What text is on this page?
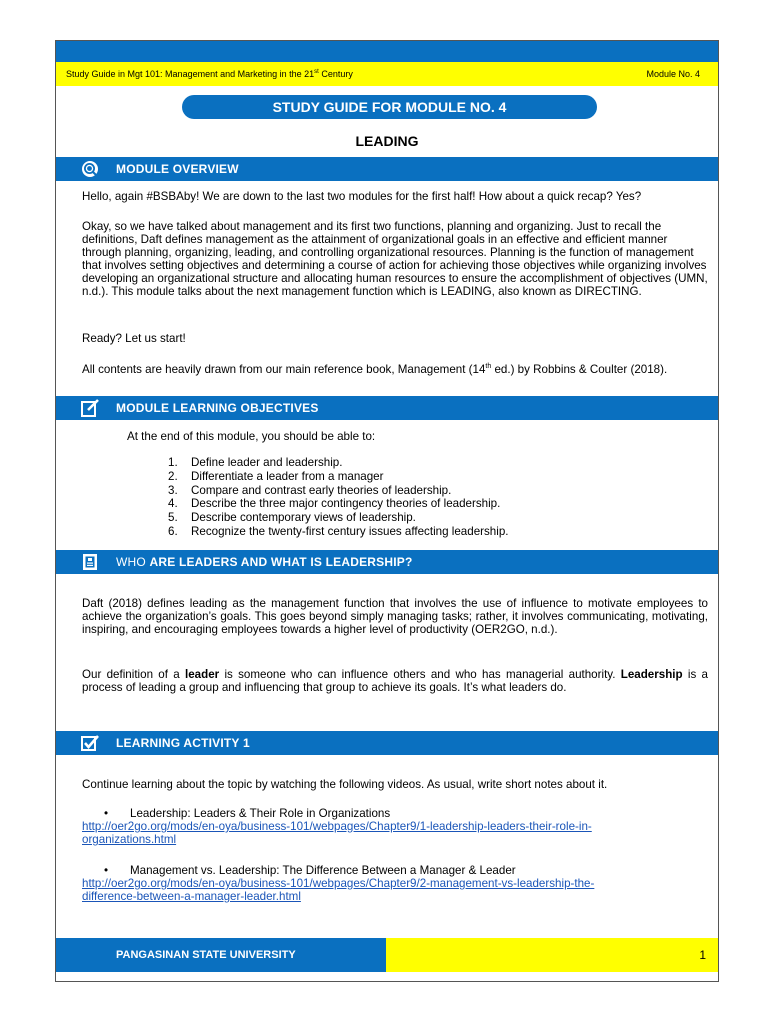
Study Guide in Mgt 101: Management and Marketing in the 21st Century	Module No. 4
STUDY GUIDE FOR MODULE NO. 4
LEADING
MODULE OVERVIEW

Hello, again #BSBAby! We are down to the last two modules for the first half! How about a quick recap? Yes?

Okay, so we have talked about management and its first two functions, planning and organizing. Just to recall the definitions, Daft defines management as the attainment of organizational goals in an effective and efficient manner through planning, organizing, leading, and controlling organizational resources. Planning is the function of management that involves setting objectives and determining a course of action for achieving those objectives while organizing involves developing an organizational structure and allocating human resources to ensure the accomplishment of objectives (UMN, n.d.). This module talks about the next management function which is LEADING, also known as DIRECTING.

Ready? Let us start!

All contents are heavily drawn from our main reference book, Management (14th ed.) by Robbins & Coulter (2018).

MODULE LEARNING OBJECTIVES

At the end of this module, you should be able to:

1. Define leader and leadership.
2. Differentiate a leader from a manager
3. Compare and contrast early theories of leadership.
4. Describe the three major contingency theories of leadership.
5. Describe contemporary views of leadership.
6. Recognize the twenty-first century issues affecting leadership.
WHO ARE LEADERS AND WHAT IS LEADERSHIP?

Daft (2018) defines leading as the management function that involves the use of influence to motivate employees to achieve the organization’s goals. This goes beyond simply managing tasks; rather, it involves communicating, motivating, inspiring, and encouraging employees towards a higher level of productivity (OER2GO, n.d.).

Our definition of a leader is someone who can influence others and who has managerial authority. Leadership is a process of leading a group and influencing that group to achieve its goals. It’s what leaders do.

LEARNING ACTIVITY 1

Continue learning about the topic by watching the following videos. As usual, write short notes about it.

• Leadership: Leaders & Their Role in Organizations
http://oer2go.org/mods/en-oya/business-101/webpages/Chapter9/1-leadership-leaders-their-role-in-
organizations.html
• Management vs. Leadership: The Difference Between a Manager & Leader
http://oer2go.org/mods/en-oya/business-101/webpages/Chapter9/2-management-vs-leadership-the-
difference-between-a-manager-leader.html
PANGASINAN STATE UNIVERSITY	1
